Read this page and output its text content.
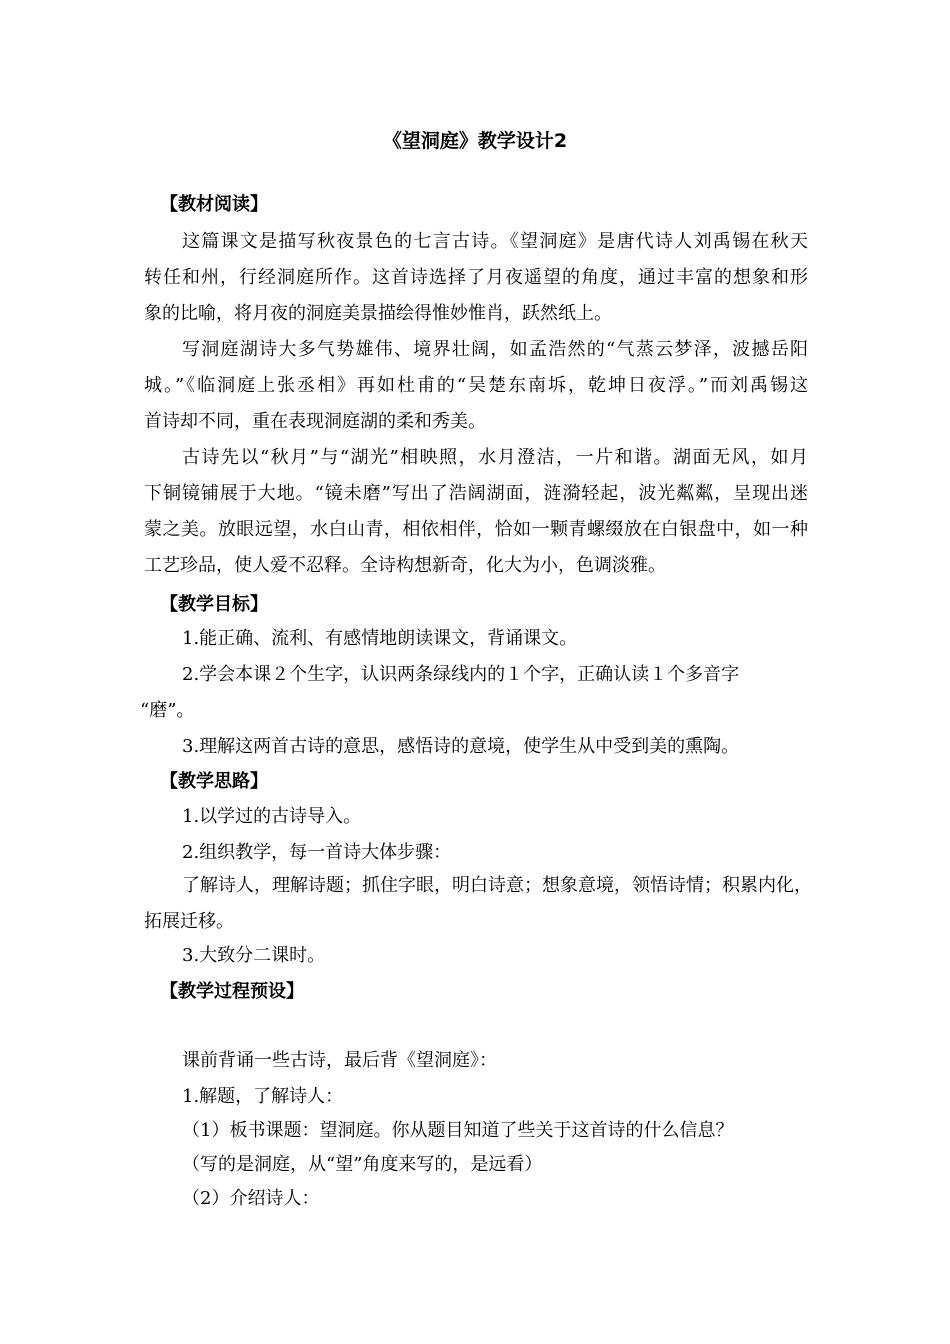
《望洞庭》教学设计2
【教材阅读】
这篇课文是描写秋夜景色的七言古诗。《望洞庭》是唐代诗人刘禹锡在秋天
转任和州，行经洞庭所作。这首诗选择了月夜遥望的角度，通过丰富的想象和形
象的比喻，将月夜的洞庭美景描绘得惟妙惟肖，跃然纸上。
写洞庭湖诗大多气势雄伟、境界壮阔，如孟浩然的“气蒸云梦泽，波撼岳阳
城。”《临洞庭上张丞相》再如杜甫的“吴楚东南坼，乾坤日夜浮。”而刘禹锡这
首诗却不同，重在表现洞庭湖的柔和秀美。
古诗先以“秋月”与“湖光”相映照，水月澄洁，一片和谐。湖面无风，如月
下铜镜铺展于大地。“镜未磨”写出了浩阔湖面，涟漪轻起，波光粼粼，呈现出迷
蒙之美。放眼远望，水白山青，相依相伴，恰如一颗青螺缀放在白银盘中，如一种
工艺珍品，使人爱不忍释。全诗构想新奇，化大为小，色调淡雅。
【教学目标】
1.能正确、流利、有感情地朗读课文，背诵课文。
2.学会本课２个生字，认识两条绿线内的１个字，正确认读１个多音字
“磨”。
3.理解这两首古诗的意思，感悟诗的意境，使学生从中受到美的熏陶。
【教学思路】
1.以学过的古诗导入。
2.组织教学，每一首诗大体步骤：
了解诗人，理解诗题；抓住字眼，明白诗意；想象意境，领悟诗情；积累内化，
拓展迁移。
3.大致分二课时。
【教学过程预设】
课前背诵一些古诗，最后背《望洞庭》：
1.解题，了解诗人：
（1）板书课题：望洞庭。你从题目知道了些关于这首诗的什么信息？
（写的是洞庭，从“望”角度来写的，是远看）
（2）介绍诗人：
